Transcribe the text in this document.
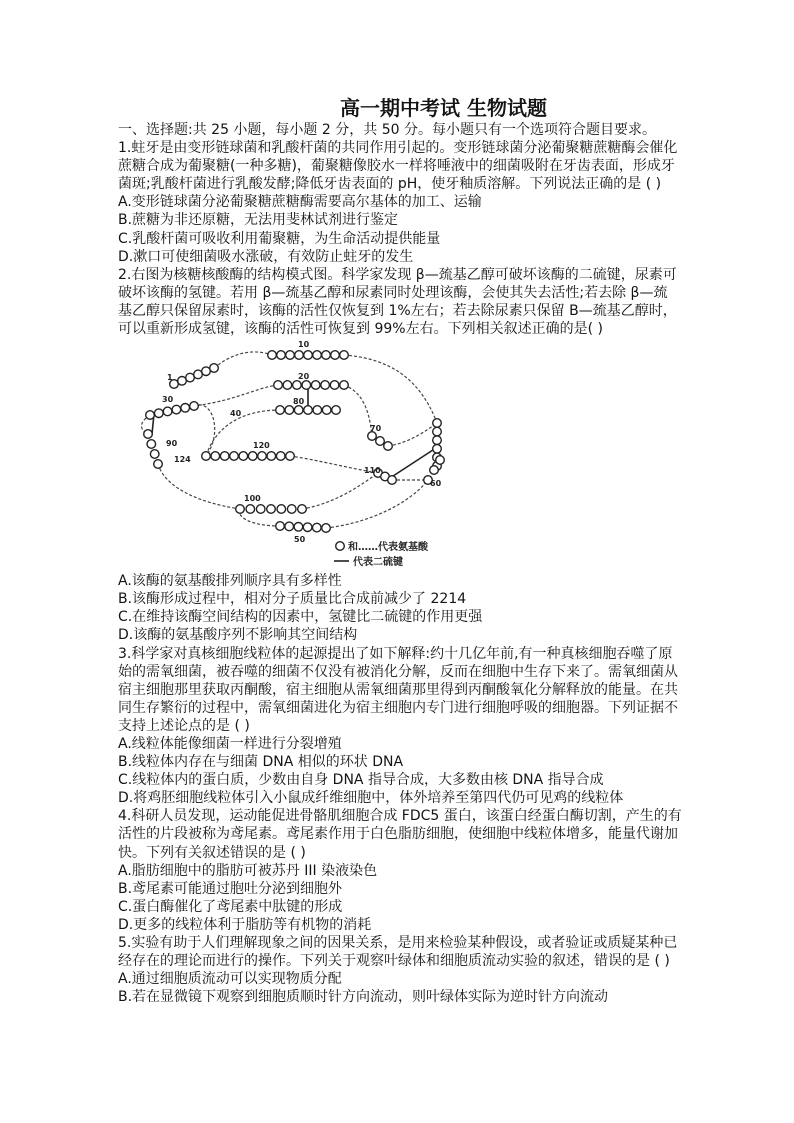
高一期中考试 生物试题
一、选择题:共 25 小题，每小题 2 分，共 50 分。每小题只有一个选项符合题目要求。
1.蛀牙是由变形链球菌和乳酸杆菌的共同作用引起的。变形链球菌分泌葡聚糖蔗糖酶会催化
蔗糖合成为葡聚糖(一种多糖)，葡聚糖像胶水一样将唾液中的细菌吸附在牙齿表面，形成牙
菌斑;乳酸杆菌进行乳酸发酵;降低牙齿表面的 pH，使牙釉质溶解。下列说法正确的是 ( )
A.变形链球菌分泌葡聚糖蔗糖酶需要高尔基体的加工、运输
B.蔗糖为非还原糖，无法用斐林试剂进行鉴定
C.乳酸杆菌可吸收利用葡聚糖，为生命活动提供能量
D.漱口可使细菌吸水涨破，有效防止蛀牙的发生
2.右图为核糖核酸酶的结构模式图。科学家发现 β—巯基乙醇可破坏该酶的二硫键，尿素可
破坏该酶的氢键。若用 β—巯基乙醇和尿素同时处理该酶，会使其失去活性;若去除 β—巯
基乙醇只保留尿素时，该酶的活性仅恢复到 1%左右；若去除尿素只保留 B—巯基乙醇时，
可以重新形成氢键，该酶的活性可恢复到 99%左右。下列相关叙述正确的是( )
1
10
20
30	80
70
90	120
124
110
60
100
50
40
和……代表氨基酸
代表二硫键
A.该酶的氨基酸排列顺序具有多样性
B.该酶形成过程中，相对分子质量比合成前减少了 2214
C.在维持该酶空间结构的因素中，氢键比二硫键的作用更强
D.该酶的氨基酸序列不影响其空间结构
3.科学家对真核细胞线粒体的起源提出了如下解释:约十几亿年前,有一种真核细胞吞噬了原
始的需氧细菌，被吞噬的细菌不仅没有被消化分解，反而在细胞中生存下来了。需氧细菌从
宿主细胞那里获取丙酮酸，宿主细胞从需氧细菌那里得到丙酮酸氧化分解释放的能量。在共
同生存繁衍的过程中，需氧细菌进化为宿主细胞内专门进行细胞呼吸的细胞器。下列证据不
支持上述论点的是 ( )
A.线粒体能像细菌一样进行分裂增殖
B.线粒体内存在与细菌 DNA 相似的环状 DNA
C.线粒体内的蛋白质，少数由自身 DNA 指导合成，大多数由核 DNA 指导合成
D.将鸡胚细胞线粒体引入小鼠成纤维细胞中，体外培养至第四代仍可见鸡的线粒体
4.科研人员发现，运动能促进骨骼肌细胞合成 FDC5 蛋白，该蛋白经蛋白酶切割，产生的有
活性的片段被称为鸢尾素。鸢尾素作用于白色脂肪细胞，使细胞中线粒体增多，能量代谢加
快。下列有关叙述错误的是 ( )
A.脂肪细胞中的脂肪可被苏丹 III 染液染色
B.鸢尾素可能通过胞吐分泌到细胞外
C.蛋白酶催化了鸢尾素中肽键的形成
D.更多的线粒体利于脂肪等有机物的消耗
5.实验有助于人们理解现象之间的因果关系，是用来检验某种假设，或者验证或质疑某种已
经存在的理论而进行的操作。下列关于观察叶绿体和细胞质流动实验的叙述，错误的是 ( )
A.通过细胞质流动可以实现物质分配
B.若在显微镜下观察到细胞质顺时针方向流动，则叶绿体实际为逆时针方向流动
